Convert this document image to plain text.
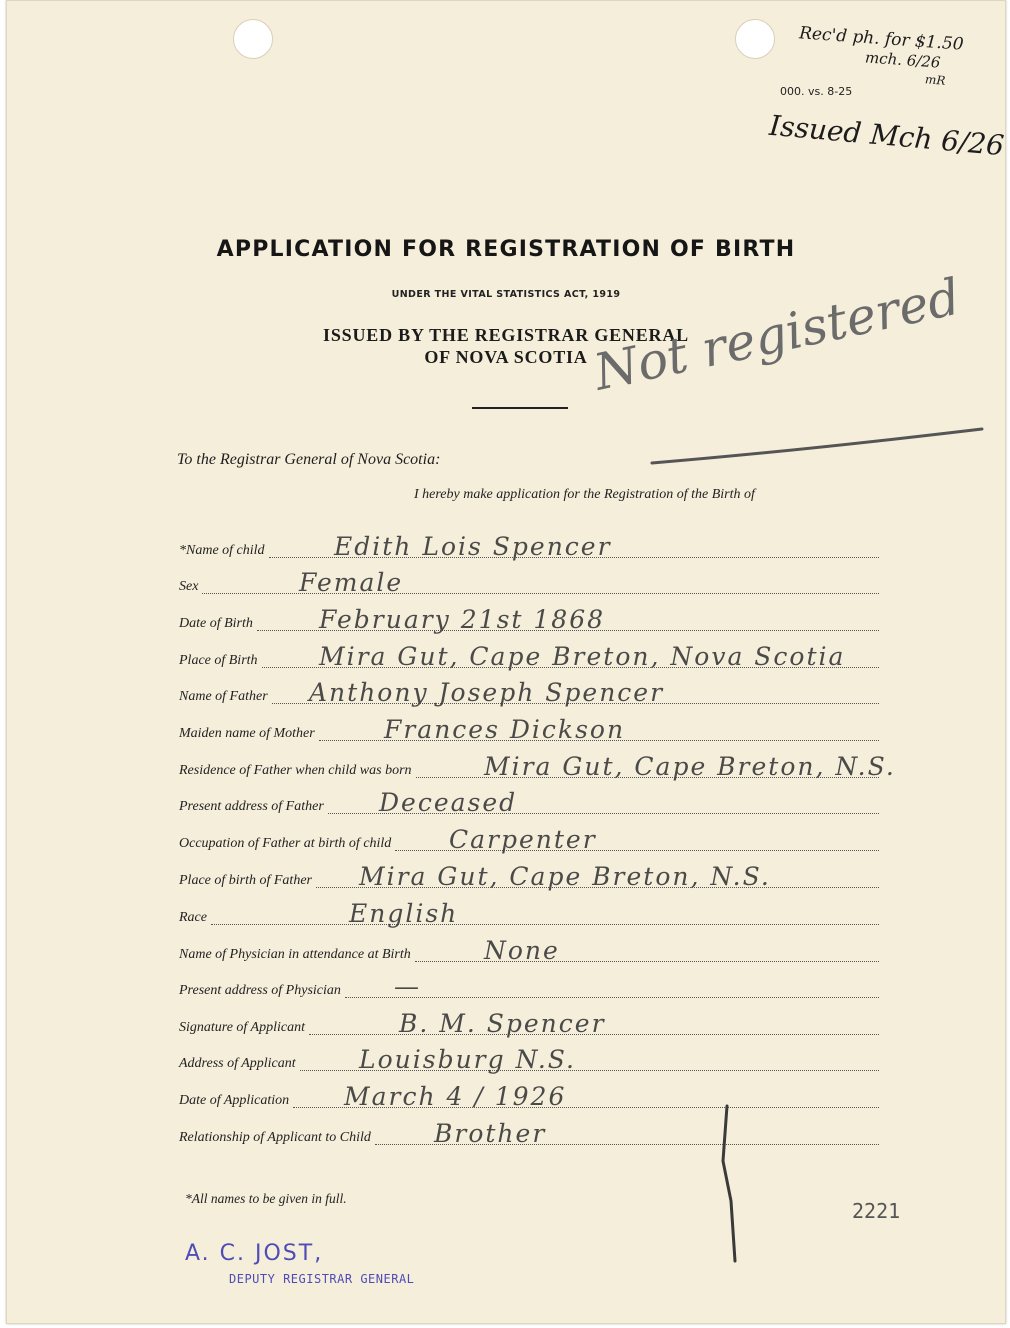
000. vs. 8-25
Rec'd ph. for $1.50
mch. 6/26
mR
Issued Mch 6/26
APPLICATION FOR REGISTRATION OF BIRTH
UNDER THE VITAL STATISTICS ACT, 1919
ISSUED BY THE REGISTRAR GENERAL
OF NOVA SCOTIA Not registered
To the Registrar General of Nova Scotia:
I hereby make application for the Registration of the Birth of
*Name of child	Edith Lois Spencer
Sex	Female
Date of Birth	February 21st 1868
Place of Birth Mira Gut, Cape Breton, Nova Scotia
Name of Father Anthony Joseph Spencer
Maiden name of Mother	Frances Dickson
Residence of Father when child was born	Mira Gut, Cape Breton, N.S.
Present address of Father Deceased
Occupation of Father at birth of child Carpenter
Place of birth of Father Mira Gut, Cape Breton, N.S.
Race	English
Name of Physician in attendance at Birth	None
Present address of Physician —
Signature of Applicant	B. M. Spencer
Address of Applicant	Louisburg N.S.
Date of Application March 4 / 1926
Relationship of Applicant to Child	Brother
*All names to be given in full.
2221
A. C. JOST,
DEPUTY REGISTRAR GENERAL
